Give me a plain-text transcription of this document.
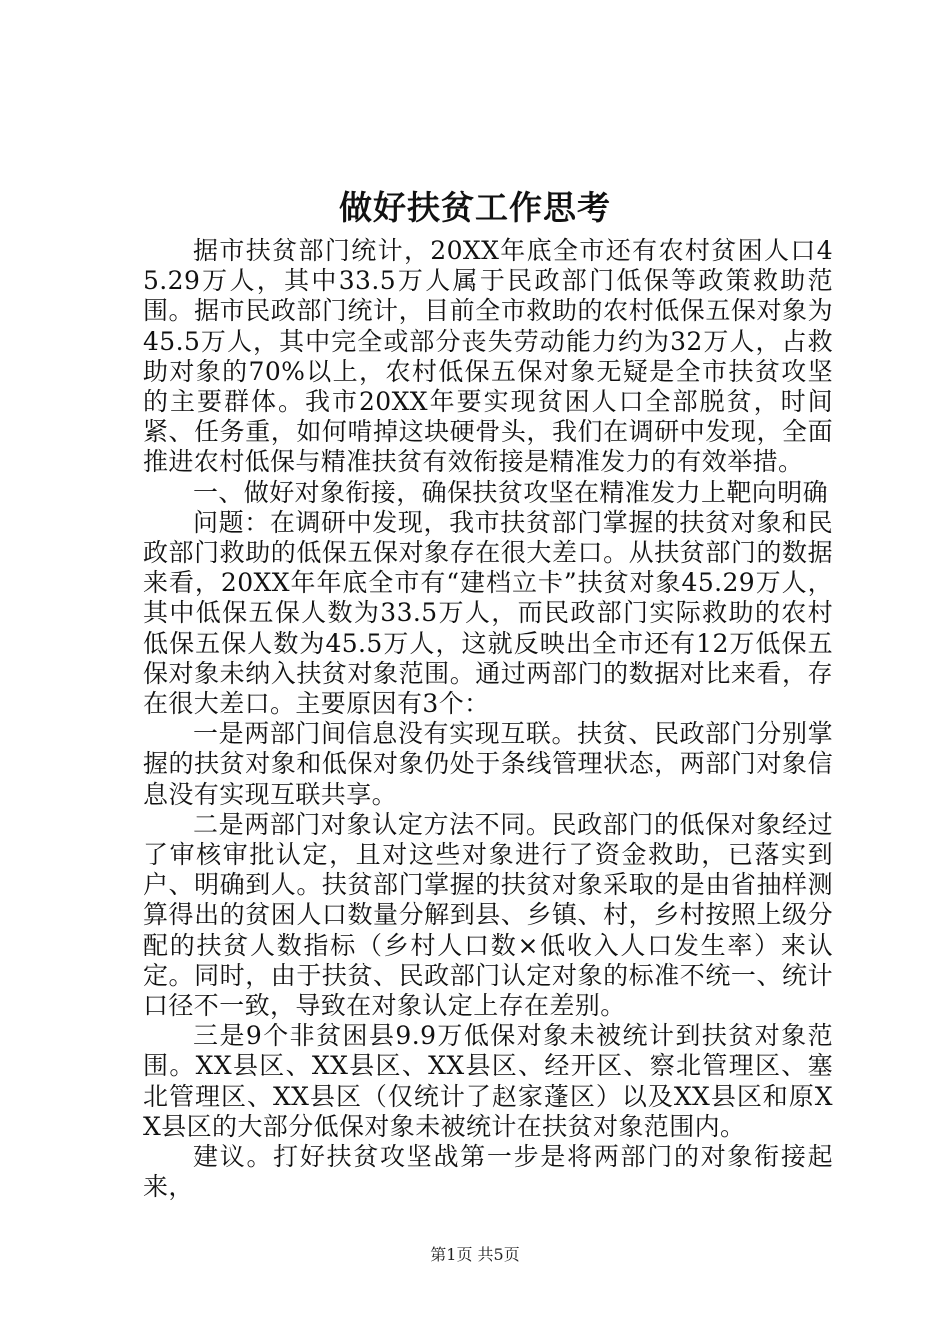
做好扶贫工作思考

据市扶贫部门统计，20XX年底全市还有农村贫困人口45.29万人，其中33.5万人属于民政部门低保等政策救助范围。据市民政部门统计，目前全市救助的农村低保五保对象为45.5万人，其中完全或部分丧失劳动能力约为32万人，占救助对象的70%以上，农村低保五保对象无疑是全市扶贫攻坚的主要群体。我市20XX年要实现贫困人口全部脱贫，时间紧、任务重，如何啃掉这块硬骨头，我们在调研中发现，全面推进农村低保与精准扶贫有效衔接是精准发力的有效举措。

一、做好对象衔接，确保扶贫攻坚在精准发力上靶向明确

问题：在调研中发现，我市扶贫部门掌握的扶贫对象和民政部门救助的低保五保对象存在很大差口。从扶贫部门的数据来看，20XX年年底全市有“建档立卡”扶贫对象45.29万人，其中低保五保人数为33.5万人，而民政部门实际救助的农村低保五保人数为45.5万人，这就反映出全市还有12万低保五保对象未纳入扶贫对象范围。通过两部门的数据对比来看，存在很大差口。主要原因有3个：

一是两部门间信息没有实现互联。扶贫、民政部门分别掌握的扶贫对象和低保对象仍处于条线管理状态，两部门对象信息没有实现互联共享。

二是两部门对象认定方法不同。民政部门的低保对象经过了审核审批认定，且对这些对象进行了资金救助，已落实到户、明确到人。扶贫部门掌握的扶贫对象采取的是由省抽样测算得出的贫困人口数量分解到县、乡镇、村，乡村按照上级分配的扶贫人数指标（乡村人口数×低收入人口发生率）来认定。同时，由于扶贫、民政部门认定对象的标准不统一、统计口径不一致，导致在对象认定上存在差别。

三是9个非贫困县9.9万低保对象未被统计到扶贫对象范围。XX县区、XX县区、XX县区、经开区、察北管理区、塞北管理区、XX县区（仅统计了赵家蓬区）以及XX县区和原XX县区的大部分低保对象未被统计在扶贫对象范围内。

建议。打好扶贫攻坚战第一步是将两部门的对象衔接起来，

第1页 共5页
